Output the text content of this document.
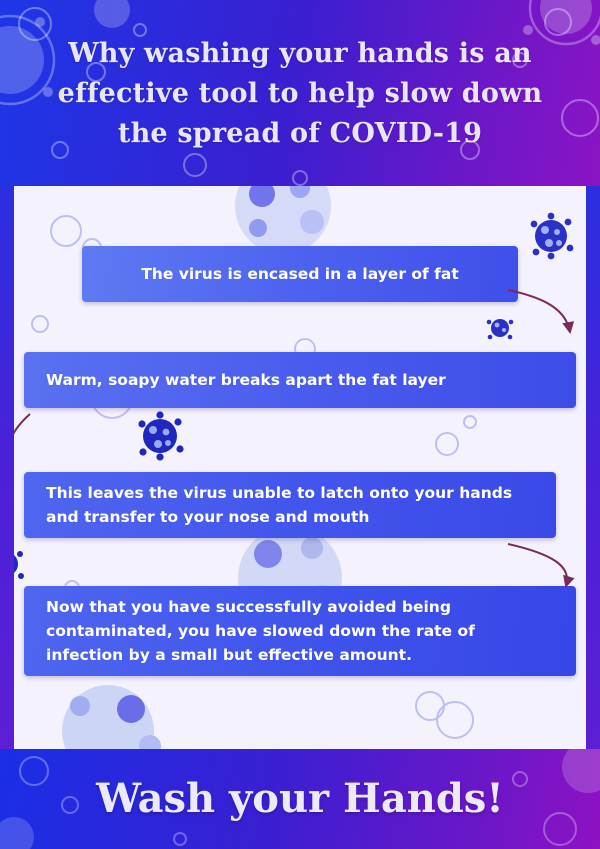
Why washing your hands is an effective tool to help slow down the spread of COVID-19
The virus is encased in a layer of fat
Warm, soapy water breaks apart the fat layer
This leaves the virus unable to latch onto your hands and transfer to your nose and mouth
Now that you have successfully avoided being contaminated, you have slowed down the rate of infection by a small but effective amount.
Wash your Hands!
